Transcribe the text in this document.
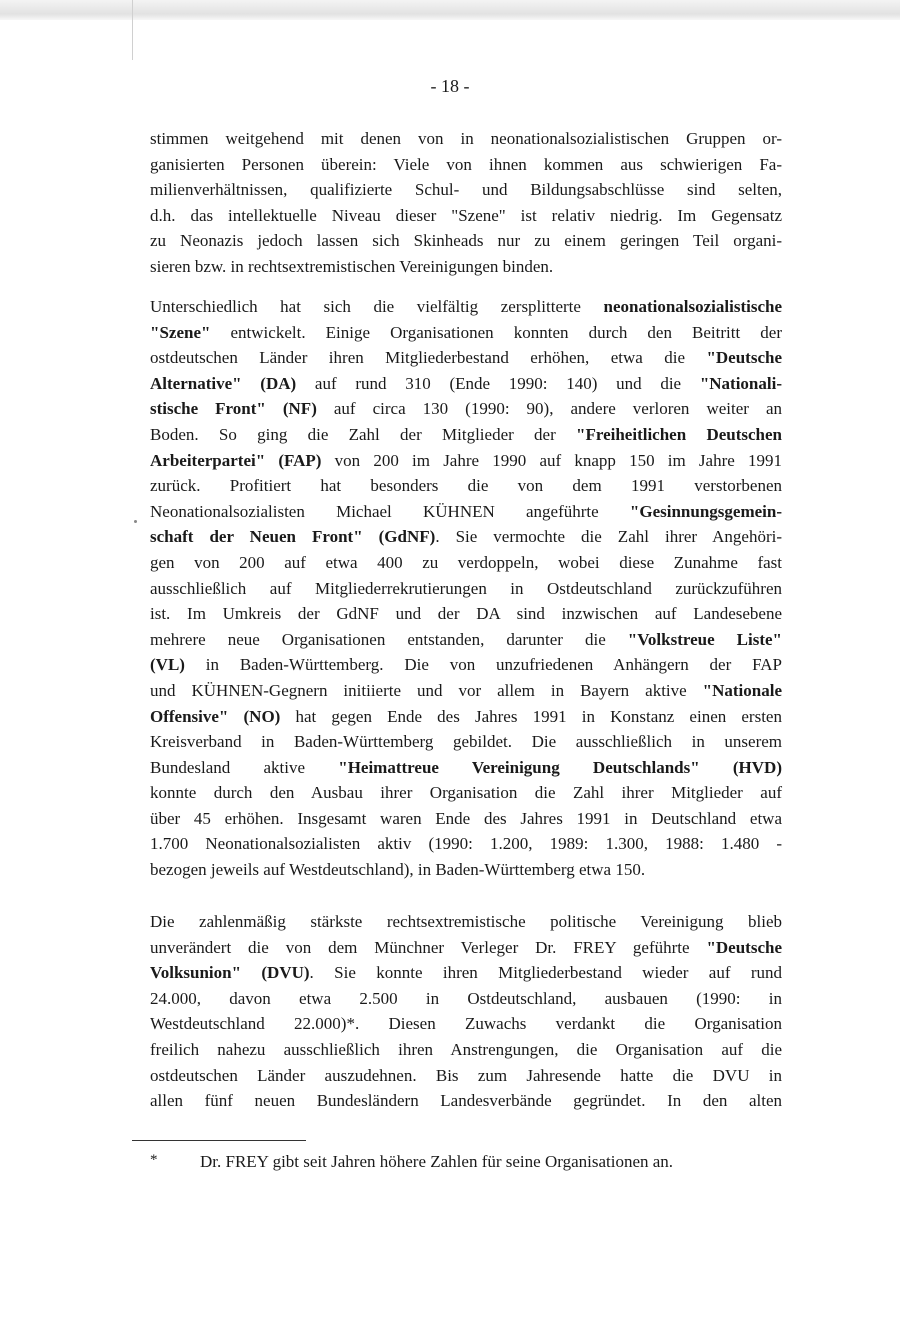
- 18 -
stimmen weitgehend mit denen von in neonationalsozialistischen Gruppen or-
ganisierten Personen überein: Viele von ihnen kommen aus schwierigen Fa-
milienverhältnissen, qualifizierte Schul- und Bildungsabschlüsse sind selten,
d.h. das intellektuelle Niveau dieser "Szene" ist relativ niedrig. Im Gegensatz
zu Neonazis jedoch lassen sich Skinheads nur zu einem geringen Teil organi-
sieren bzw. in rechtsextremistischen Vereinigungen binden.
Unterschiedlich hat sich die vielfältig zersplitterte neonationalsozialistische
"Szene" entwickelt. Einige Organisationen konnten durch den Beitritt der
ostdeutschen Länder ihren Mitgliederbestand erhöhen, etwa die "Deutsche
Alternative" (DA) auf rund 310 (Ende 1990: 140) und die "Nationali-
stische Front" (NF) auf circa 130 (1990: 90), andere verloren weiter an
Boden. So ging die Zahl der Mitglieder der "Freiheitlichen Deutschen
Arbeiterpartei" (FAP) von 200 im Jahre 1990 auf knapp 150 im Jahre 1991
zurück. Profitiert hat besonders die von dem 1991 verstorbenen
Neonationalsozialisten Michael KÜHNEN angeführte "Gesinnungsgemein-
schaft der Neuen Front" (GdNF). Sie vermochte die Zahl ihrer Angehöri-
gen von 200 auf etwa 400 zu verdoppeln, wobei diese Zunahme fast
ausschließlich auf Mitgliederrekrutierungen in Ostdeutschland zurückzuführen
ist. Im Umkreis der GdNF und der DA sind inzwischen auf Landesebene
mehrere neue Organisationen entstanden, darunter die "Volkstreue Liste"
(VL) in Baden-Württemberg. Die von unzufriedenen Anhängern der FAP
und KÜHNEN-Gegnern initiierte und vor allem in Bayern aktive "Nationale
Offensive" (NO) hat gegen Ende des Jahres 1991 in Konstanz einen ersten
Kreisverband in Baden-Württemberg gebildet. Die ausschließlich in unserem
Bundesland aktive "Heimattreue Vereinigung Deutschlands" (HVD)
konnte durch den Ausbau ihrer Organisation die Zahl ihrer Mitglieder auf
über 45 erhöhen. Insgesamt waren Ende des Jahres 1991 in Deutschland etwa
1.700 Neonationalsozialisten aktiv (1990: 1.200, 1989: 1.300, 1988: 1.480 -
bezogen jeweils auf Westdeutschland), in Baden-Württemberg etwa 150.
Die zahlenmäßig stärkste rechtsextremistische politische Vereinigung blieb
unverändert die von dem Münchner Verleger Dr. FREY geführte "Deutsche
Volksunion" (DVU). Sie konnte ihren Mitgliederbestand wieder auf rund
24.000, davon etwa 2.500 in Ostdeutschland, ausbauen (1990: in
Westdeutschland 22.000)*. Diesen Zuwachs verdankt die Organisation
freilich nahezu ausschließlich ihren Anstrengungen, die Organisation auf die
ostdeutschen Länder auszudehnen. Bis zum Jahresende hatte die DVU in
allen fünf neuen Bundesländern Landesverbände gegründet. In den alten
*	Dr. FREY gibt seit Jahren höhere Zahlen für seine Organisationen an.
